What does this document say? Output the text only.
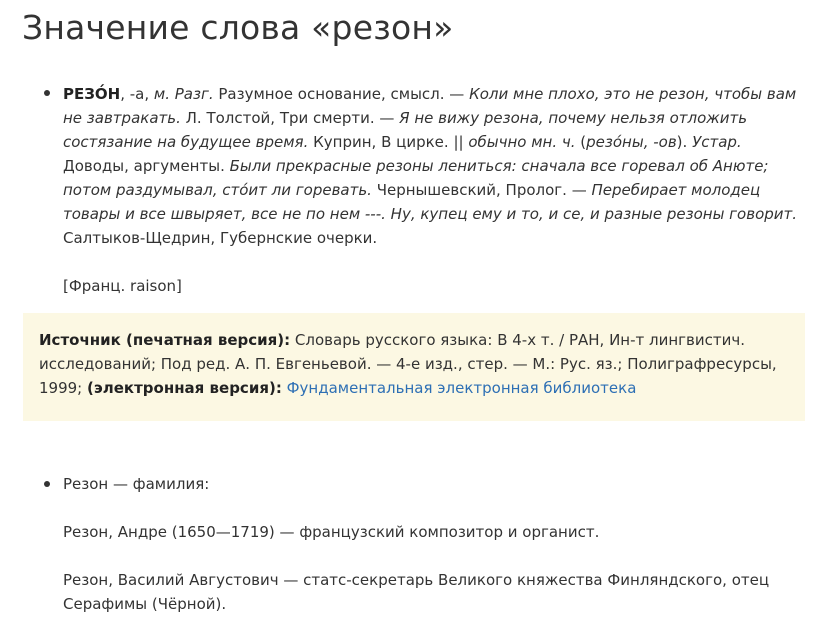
Значение слова «резон»

РЕЗО́Н, -а, м. Разг. Разумное основание, смысл. — Коли мне плохо, это не резон, чтобы вам не завтракать. Л. Толстой, Три смерти. — Я не вижу резона, почему нельзя отложить состязание на будущее время. Куприн, В цирке. || обычно мн. ч. (резо́ны, -ов). Устар. Доводы, аргументы. Были прекрасные резоны лениться: сначала все горевал об Анюте; потом раздумывал, сто́ит ли горевать. Чернышевский, Пролог. — Перебирает молодец товары и все швыряет, все не по нем ---. Ну, купец ему и то, и се, и разные резоны говорит. Салтыков-Щедрин, Губернские очерки.

[Франц. raison]

Источник (печатная версия): Словарь русского языка: В 4-х т. / РАН, Ин-т лингвистич. исследований; Под ред. А. П. Евгеньевой. — 4-е изд., стер. — М.: Рус. яз.; Полиграфресурсы, 1999; (электронная версия): Фундаментальная электронная библиотека

Резон — фамилия:

Резон, Андре (1650—1719) — французский композитор и органист.

Резон, Василий Августович — статс-секретарь Великого княжества Финляндского, отец Серафимы (Чёрной).
